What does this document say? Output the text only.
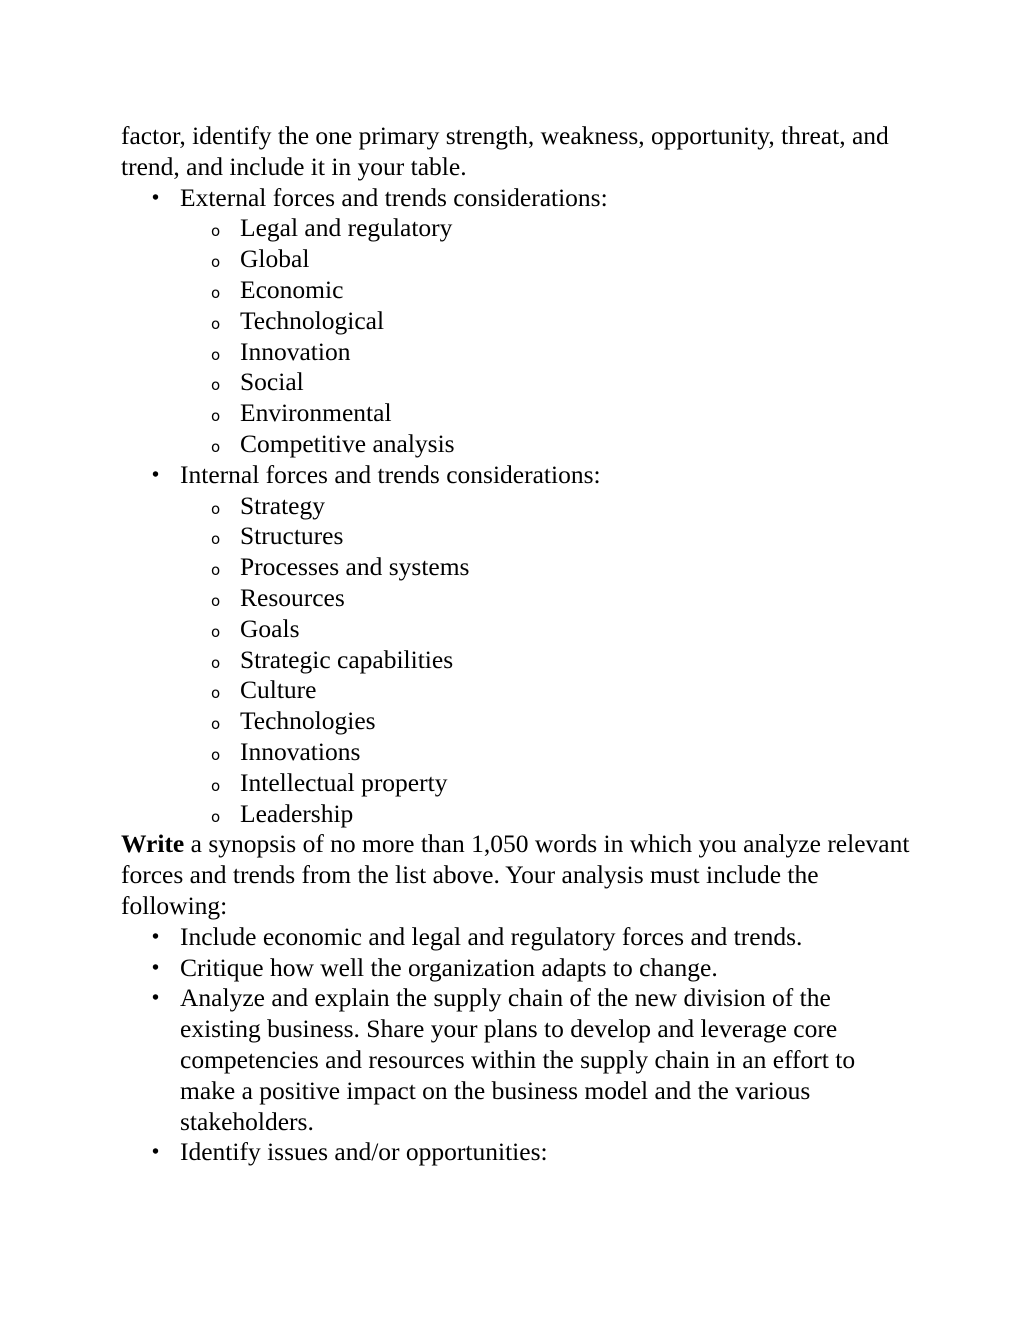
factor, identify the one primary strength, weakness, opportunity, threat, and trend, and include it in your table.

• External forces and trends considerations:
o Legal and regulatory
o Global
o Economic
o Technological
o Innovation
o Social
o Environmental
o Competitive analysis
• Internal forces and trends considerations:
o Strategy
o Structures
o Processes and systems
o Resources
o Goals
o Strategic capabilities
o Culture
o Technologies
o Innovations
o Intellectual property
o Leadership

Write a synopsis of no more than 1,050 words in which you analyze relevant forces and trends from the list above. Your analysis must include the following:

• Include economic and legal and regulatory forces and trends.
• Critique how well the organization adapts to change.
• Analyze and explain the supply chain of the new division of the existing business. Share your plans to develop and leverage core competencies and resources within the supply chain in an effort to make a positive impact on the business model and the various stakeholders.
• Identify issues and/or opportunities:
